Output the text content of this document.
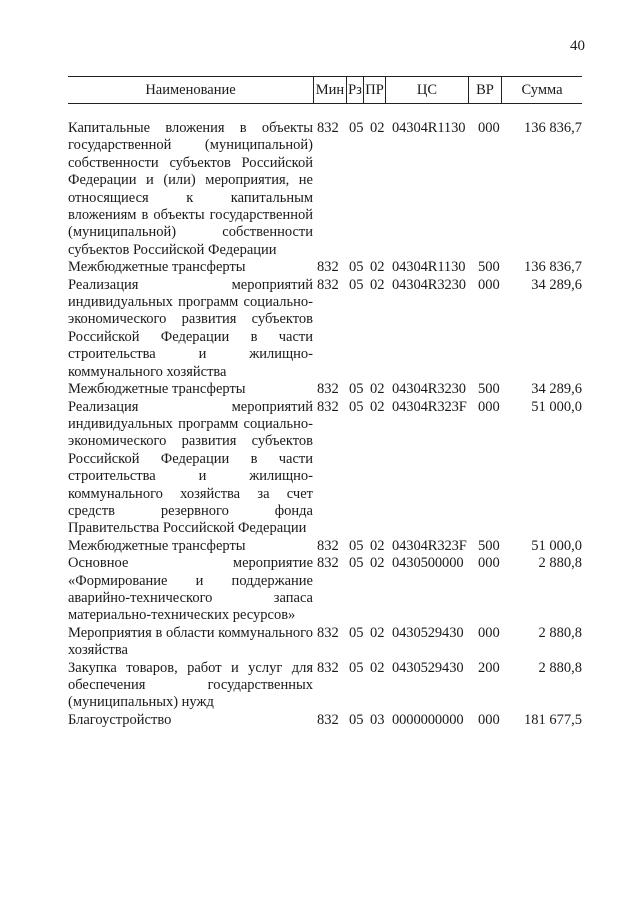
40
Наименование	Мин Рз ПР	ЦС	ВР	Сумма
Капитальные вложения в объекты государственной (муниципальной) собственности субъектов Российской Федерации и (или) мероприятия, не относящиеся к капитальным вложениям в объекты государственной (муниципальной) собственности субъектов Российской Федерации
832 05 02 04304R1130 000	136 836,7
Межбюджетные трансферты	832 05 02 04304R1130 500	136 836,7
Реализация мероприятий индивидуальных программ социально-экономического развития субъектов Российской Федерации в части строительства и жилищно-коммунального хозяйства
832 05 02 04304R3230 000	34 289,6
Межбюджетные трансферты	832 05 02 04304R3230 500	34 289,6
Реализация мероприятий индивидуальных программ социально-экономического развития субъектов Российской Федерации в части строительства и жилищно-коммунального хозяйства за счет средств резервного фонда Правительства Российской Федерации
832 05 02 04304R323F 000	51 000,0
Межбюджетные трансферты	832 05 02 04304R323F 500	51 000,0
Основное мероприятие «Формирование и поддержание аварийно-технического запаса материально-технических ресурсов»
832 05 02 0430500000 000	2 880,8
Мероприятия в области коммунального хозяйства
832 05 02 0430529430 000	2 880,8
Закупка товаров, работ и услуг для обеспечения государственных (муниципальных) нужд
832 05 02 0430529430 200	2 880,8
Благоустройство	832 05 03 0000000000 000	181 677,5
